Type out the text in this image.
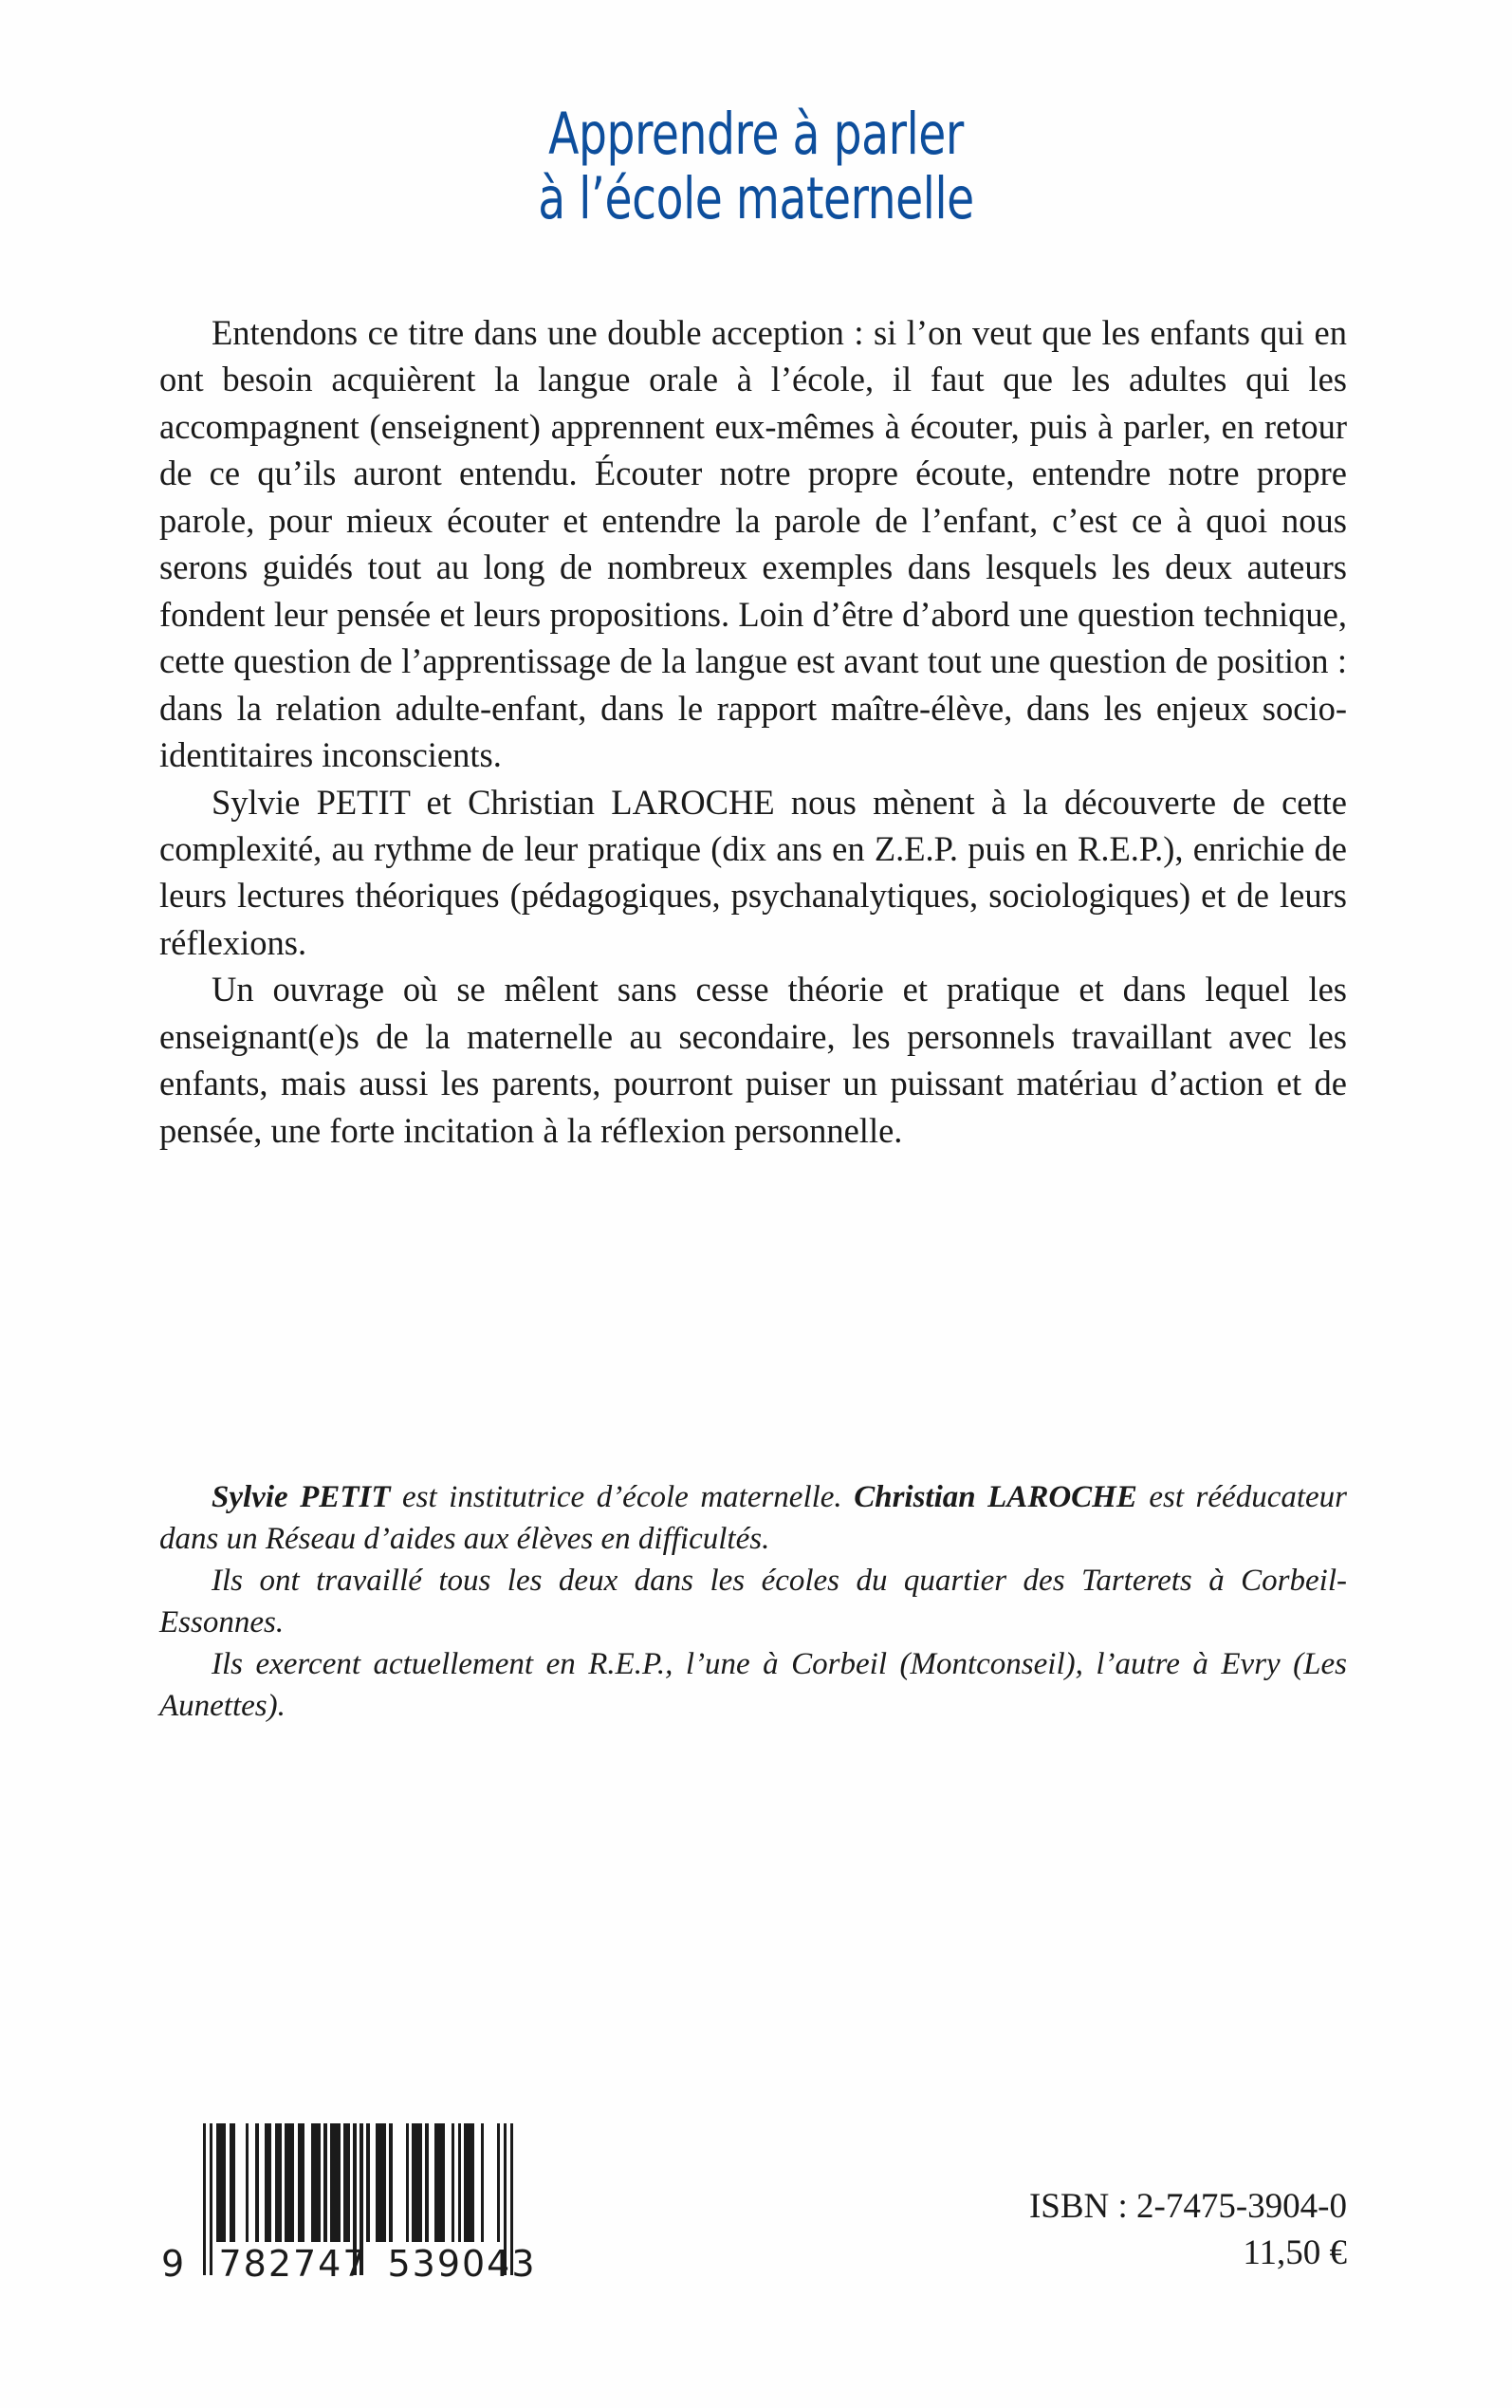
Apprendre à parler
à l’école maternelle

Entendons ce titre dans une double acception : si l’on veut que les enfants qui en ont besoin acquièrent la langue orale à l’école, il faut que les adultes qui les accompagnent (enseignent) apprennent eux-mêmes à écouter, puis à parler, en retour de ce qu’ils auront entendu. Écouter notre propre écoute, entendre notre propre parole, pour mieux écouter et entendre la parole de l’enfant, c’est ce à quoi nous serons guidés tout au long de nombreux exemples dans lesquels les deux auteurs fondent leur pensée et leurs propositions. Loin d’être d’abord une question technique, cette question de l’apprentissage de la langue est avant tout une question de position : dans la relation adulte-enfant, dans le rapport maître-élève, dans les enjeux socio-identitaires inconscients.

Sylvie PETIT et Christian LAROCHE nous mènent à la découverte de cette complexité, au rythme de leur pratique (dix ans en Z.E.P. puis en R.E.P.), enrichie de leurs lectures théoriques (pédagogiques, psychanalytiques, sociologiques) et de leurs réflexions.

Un ouvrage où se mêlent sans cesse théorie et pratique et dans lequel les enseignant(e)s de la maternelle au secondaire, les personnels travaillant avec les enfants, mais aussi les parents, pourront puiser un puissant matériau d’action et de pensée, une forte incitation à la réflexion personnelle.

Sylvie PETIT est institutrice d’école maternelle. Christian LAROCHE est rééducateur dans un Réseau d’aides aux élèves en difficultés.

Ils ont travaillé tous les deux dans les écoles du quartier des Tarterets à Corbeil-Essonnes.

Ils exercent actuellement en R.E.P., l’une à Corbeil (Montconseil), l’autre à Evry (Les Aunettes).

9 782747 539043
ISBN : 2-7475-3904-0
11,50 €
